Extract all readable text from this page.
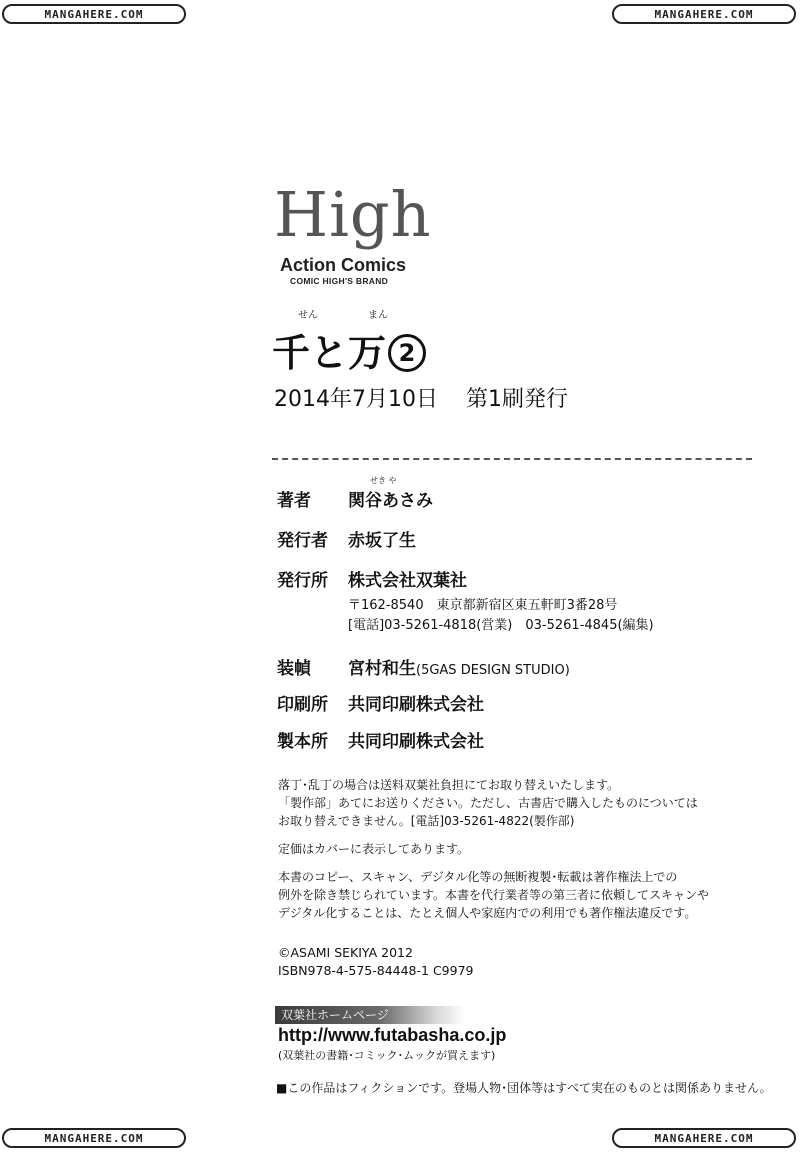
MANGAHERE.COM	MANGAHERE.COM
MANGAHERE.COM	MANGAHERE.COM
High
Action Comics
COMIC HIGH'S BRAND
せん	まん
千と万 2
2014年7月10日 第1刷発行
せき や
著者 関谷あさみ
発行者 赤坂了生
発行所 株式会社双葉社
〒162-8540　東京都新宿区東五軒町3番28号
[電話]03-5261-4818(営業)　03-5261-4845(編集)
装幀 宮村和生(5GAS DESIGN STUDIO)
印刷所 共同印刷株式会社
製本所 共同印刷株式会社
落丁･乱丁の場合は送料双葉社負担にてお取り替えいたします。
「製作部」あてにお送りください。ただし、古書店で購入したものについては
お取り替えできません。[電話]03-5261-4822(製作部)
定価はカバーに表示してあります。
本書のコピー、スキャン、デジタル化等の無断複製･転載は著作権法上での
例外を除き禁じられています。本書を代行業者等の第三者に依頼してスキャンや
デジタル化することは、たとえ個人や家庭内での利用でも著作権法違反です。
©ASAMI SEKIYA 2012
ISBN978-4-575-84448-1 C9979
双葉社ホームページ
http://www.futabasha.co.jp
(双葉社の書籍･コミック･ムックが買えます)
■この作品はフィクションです。登場人物･団体等はすべて実在のものとは関係ありません。
